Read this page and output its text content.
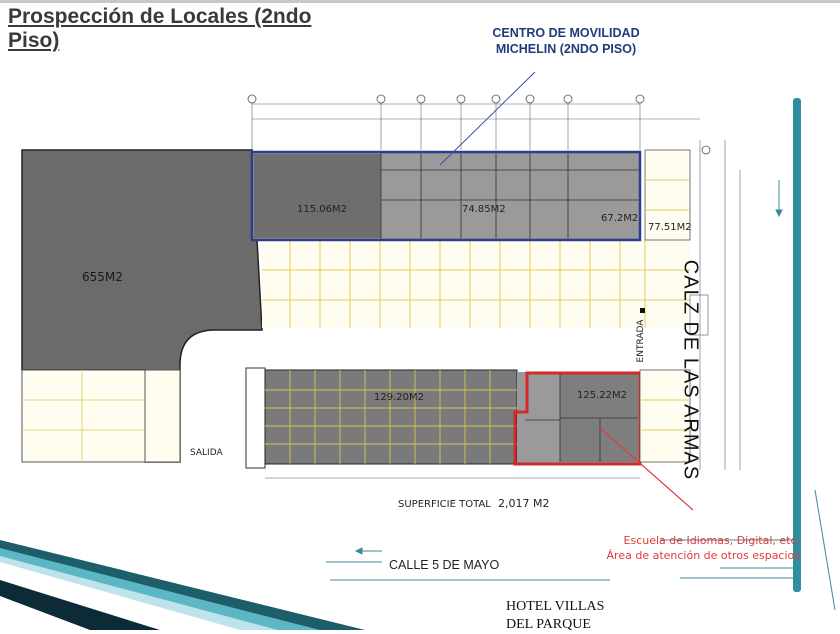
Prospección de Locales (2ndo Piso)	CENTRO DE MOVILIDAD MICHELIN (2NDO PISO)
655M2
115.06M2	74.85M2
67.2M2
77.51M2
129.20M2	125.22M2
SALIDA
ENTRADA
SUPERFICIE TOTAL 2,017 M2
CALZ DE LAS ARMAS
CALLE 5 DE MAYO
Escuela de Idiomas, Digital, etc.
Área de atención de otros espacios
HOTEL VILLAS
DEL PARQUE
